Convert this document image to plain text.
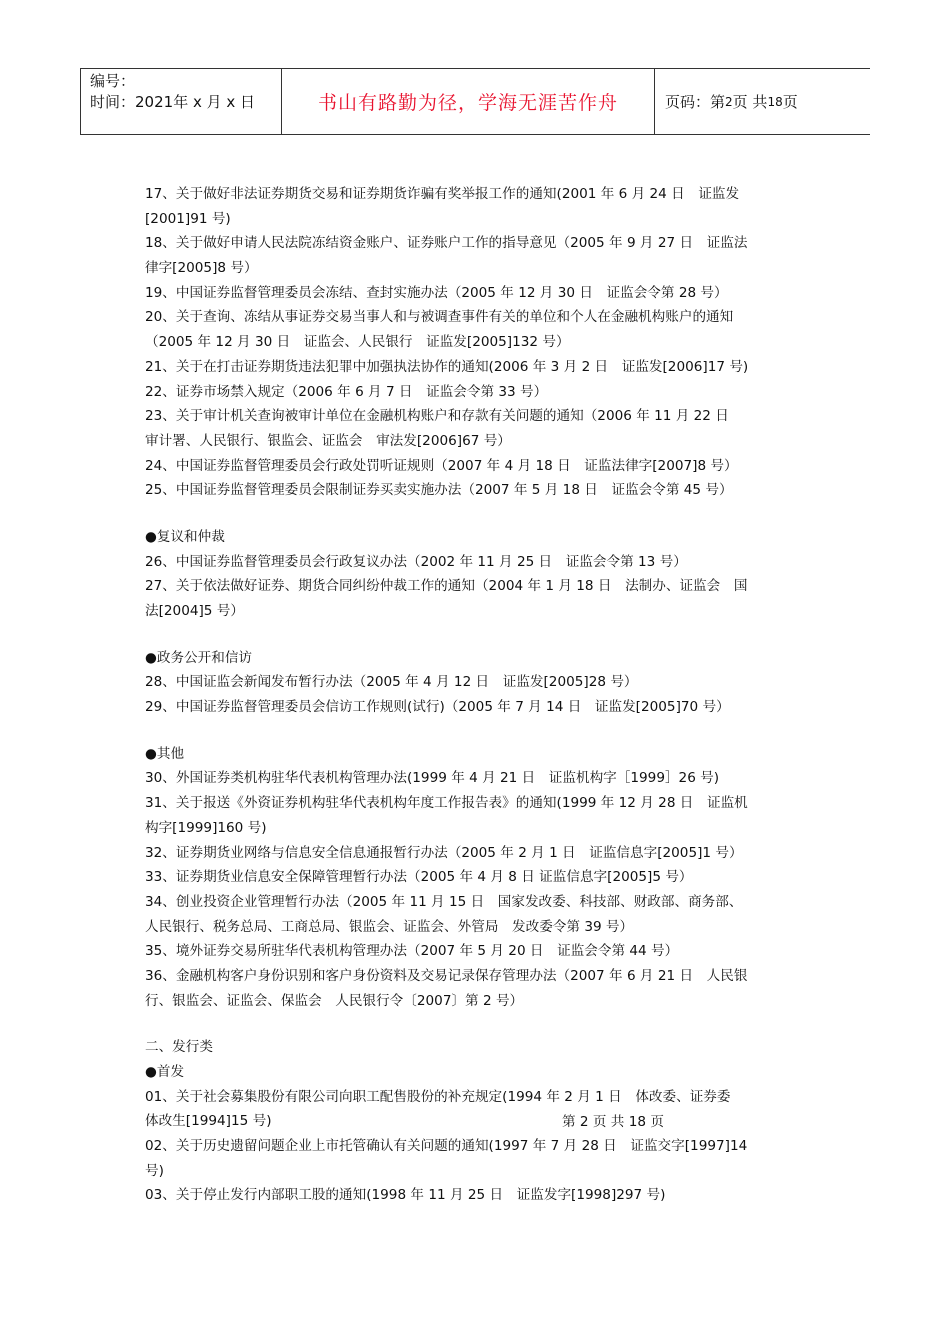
编号：
时间：2021年 x 月 x 日	书山有路勤为径，学海无涯苦作舟	页码：第 2 页 共 18 页
17、关于做好非法证券期货交易和证券期货诈骗有奖举报工作的通知(2001 年 6 月 24 日　证监发
[2001]91 号)
18、关于做好申请人民法院冻结资金账户、证券账户工作的指导意见（2005 年 9 月 27 日　证监法
律字[2005]8 号）
19、中国证券监督管理委员会冻结、查封实施办法（2005 年 12 月 30 日　证监会令第 28 号）
20、关于查询、冻结从事证券交易当事人和与被调查事件有关的单位和个人在金融机构账户的通知
（2005 年 12 月 30 日　证监会、人民银行　证监发[2005]132 号）
21、关于在打击证券期货违法犯罪中加强执法协作的通知(2006 年 3 月 2 日　证监发[2006]17 号)
22、证券市场禁入规定（2006 年 6 月 7 日　证监会令第 33 号）
23、关于审计机关查询被审计单位在金融机构账户和存款有关问题的通知（2006 年 11 月 22 日
审计署、人民银行、银监会、证监会　审法发[2006]67 号）
24、中国证券监督管理委员会行政处罚听证规则（2007 年 4 月 18 日　证监法律字[2007]8 号）
25、中国证券监督管理委员会限制证券买卖实施办法（2007 年 5 月 18 日　证监会令第 45 号）
●复议和仲裁
26、中国证券监督管理委员会行政复议办法（2002 年 11 月 25 日　证监会令第 13 号）
27、关于依法做好证券、期货合同纠纷仲裁工作的通知（2004 年 1 月 18 日　法制办、证监会　国
法[2004]5 号）
●政务公开和信访
28、中国证监会新闻发布暂行办法（2005 年 4 月 12 日　证监发[2005]28 号）
29、中国证券监督管理委员会信访工作规则(试行)（2005 年 7 月 14 日　证监发[2005]70 号）
●其他
30、外国证券类机构驻华代表机构管理办法(1999 年 4 月 21 日　证监机构字［1999］26 号)
31、关于报送《外资证券机构驻华代表机构年度工作报告表》的通知(1999 年 12 月 28 日　证监机
构字[1999]160 号)
32、证券期货业网络与信息安全信息通报暂行办法（2005 年 2 月 1 日　证监信息字[2005]1 号）
33、证券期货业信息安全保障管理暂行办法（2005 年 4 月 8 日 证监信息字[2005]5 号）
34、创业投资企业管理暂行办法（2005 年 11 月 15 日　国家发改委、科技部、财政部、商务部、
人民银行、税务总局、工商总局、银监会、证监会、外管局　发改委令第 39 号）
35、境外证券交易所驻华代表机构管理办法（2007 年 5 月 20 日　证监会令第 44 号）
36、金融机构客户身份识别和客户身份资料及交易记录保存管理办法（2007 年 6 月 21 日　人民银
行、银监会、证监会、保监会　人民银行令〔2007〕第 2 号）
二、发行类
●首发
01、关于社会募集股份有限公司向职工配售股份的补充规定(1994 年 2 月 1 日　体改委、证券委
体改生[1994]15 号)
02、关于历史遗留问题企业上市托管确认有关问题的通知(1997 年 7 月 28 日　证监交字[1997]14
号)
03、关于停止发行内部职工股的通知(1998 年 11 月 25 日　证监发字[1998]297 号)
第 2 页 共 18 页
